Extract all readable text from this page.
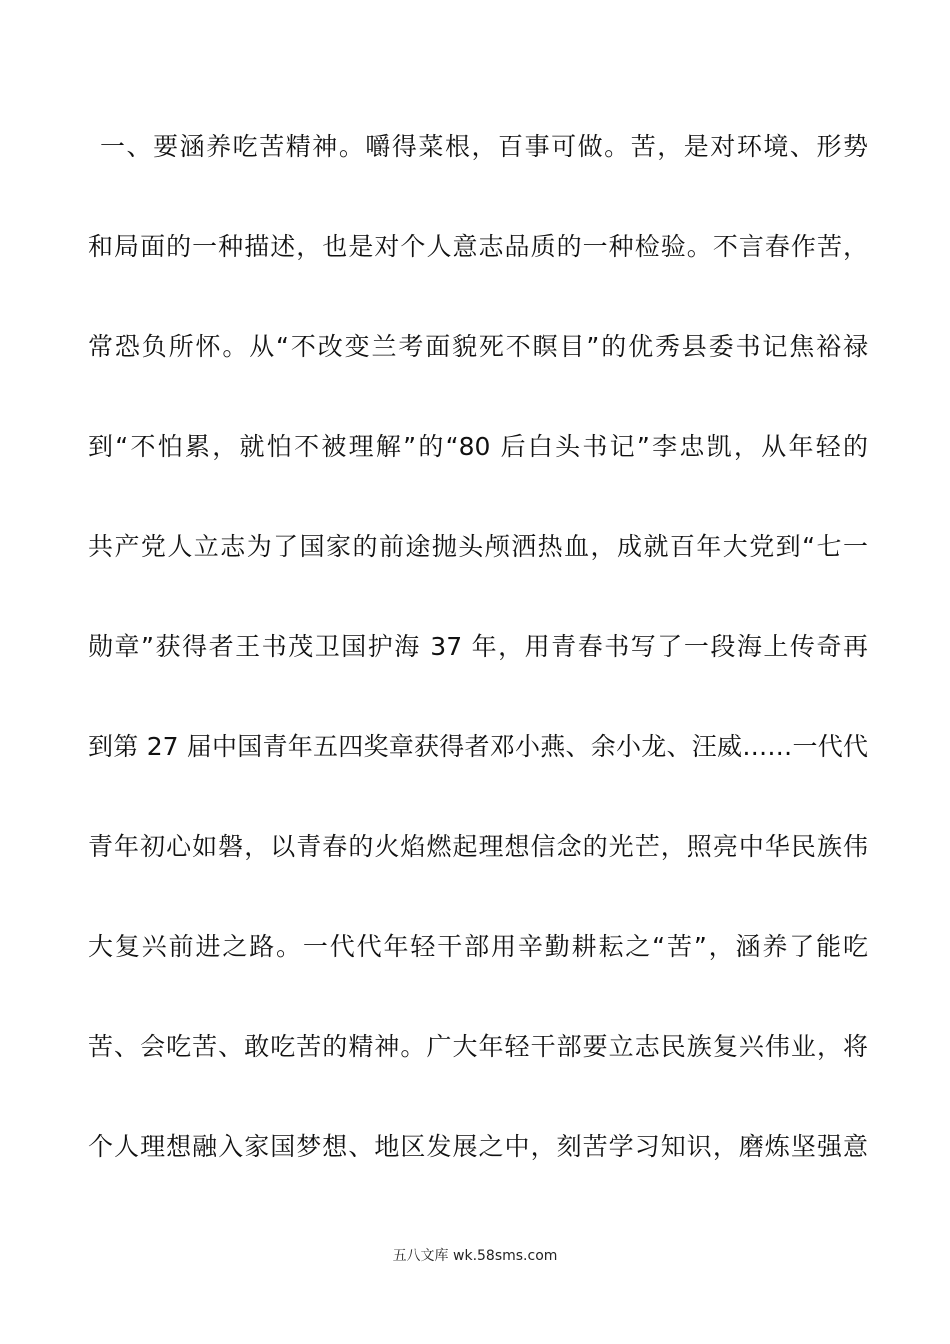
一、要涵养吃苦精神。嚼得菜根，百事可做。苦，是对环境、形势
和局面的一种描述，也是对个人意志品质的一种检验。不言春作苦，
常恐负所怀。从“不改变兰考面貌死不瞑目”的优秀县委书记焦裕禄
到“不怕累，就怕不被理解”的“80 后白头书记”李忠凯，从年轻的
共产党人立志为了国家的前途抛头颅洒热血，成就百年大党到“七一
勋章”获得者王书茂卫国护海 37 年，用青春书写了一段海上传奇再
到第 27 届中国青年五四奖章获得者邓小燕、余小龙、汪威……一代代
青年初心如磐，以青春的火焰燃起理想信念的光芒，照亮中华民族伟
大复兴前进之路。一代代年轻干部用辛勤耕耘之“苦”，涵养了能吃
苦、会吃苦、敢吃苦的精神。广大年轻干部要立志民族复兴伟业，将
个人理想融入家国梦想、地区发展之中，刻苦学习知识，磨炼坚强意
五八文库 wk.58sms.com
